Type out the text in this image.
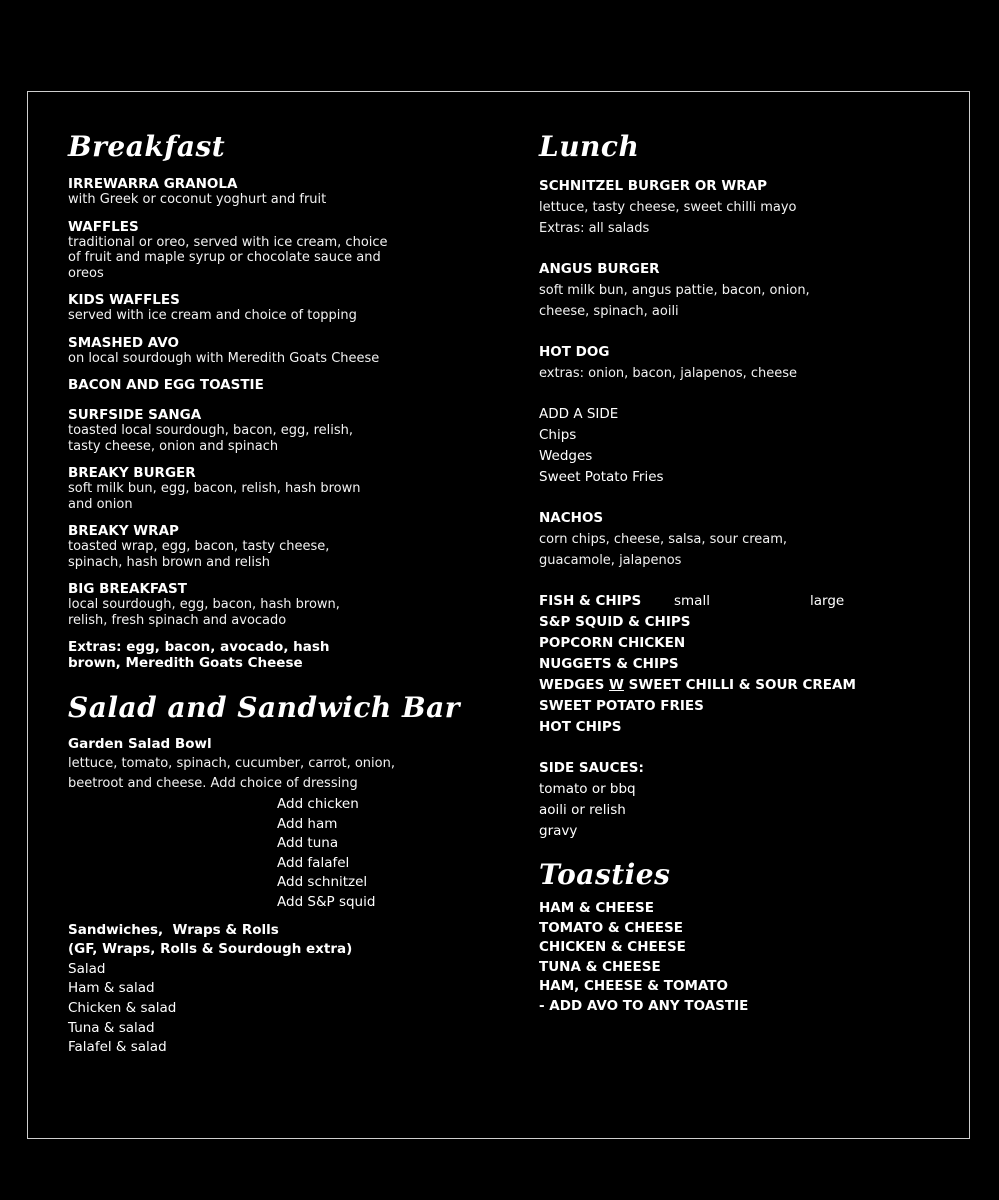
Breakfast
IRREWARRA GRANOLA
with Greek or coconut yoghurt and fruit
WAFFLES
traditional or oreo, served with ice cream, choice of fruit and maple syrup or chocolate sauce and oreos
KIDS WAFFLES
served with ice cream and choice of topping
SMASHED AVO
on local sourdough with Meredith Goats Cheese
BACON AND EGG TOASTIE
SURFSIDE SANGA
toasted local sourdough, bacon, egg, relish, tasty cheese, onion and spinach
BREAKY BURGER
soft milk bun, egg, bacon, relish, hash brown and onion
BREAKY WRAP
toasted wrap, egg, bacon, tasty cheese, spinach, hash brown and relish
BIG BREAKFAST
local sourdough, egg, bacon, hash brown, relish, fresh spinach and avocado
Extras: egg, bacon, avocado, hash brown, Meredith Goats Cheese
Salad and Sandwich Bar
Garden Salad Bowl
lettuce, tomato, spinach, cucumber, carrot, onion, beetroot and cheese. Add choice of dressing
Add chicken
Add ham
Add tuna
Add falafel
Add schnitzel
Add S&P squid
Sandwiches,  Wraps & Rolls
(GF, Wraps, Rolls & Sourdough extra)
Salad
Ham & salad
Chicken & salad
Tuna & salad
Falafel & salad
Lunch
SCHNITZEL BURGER OR WRAP
lettuce, tasty cheese, sweet chilli mayo
Extras: all salads
ANGUS BURGER
soft milk bun, angus pattie, bacon, onion, cheese, spinach, aoili
HOT DOG
extras: onion, bacon, jalapenos, cheese
ADD A SIDE
Chips
Wedges
Sweet Potato Fries
NACHOS
corn chips, cheese, salsa, sour cream, guacamole, jalapenos
FISH & CHIPS small	large
S&P SQUID & CHIPS
POPCORN CHICKEN
NUGGETS & CHIPS
WEDGES W SWEET CHILLI & SOUR CREAM
SWEET POTATO FRIES
HOT CHIPS
SIDE SAUCES:
tomato or bbq
aoili or relish
gravy
Toasties
HAM & CHEESE
TOMATO & CHEESE
CHICKEN & CHEESE
TUNA & CHEESE
HAM, CHEESE & TOMATO
- ADD AVO TO ANY TOASTIE
